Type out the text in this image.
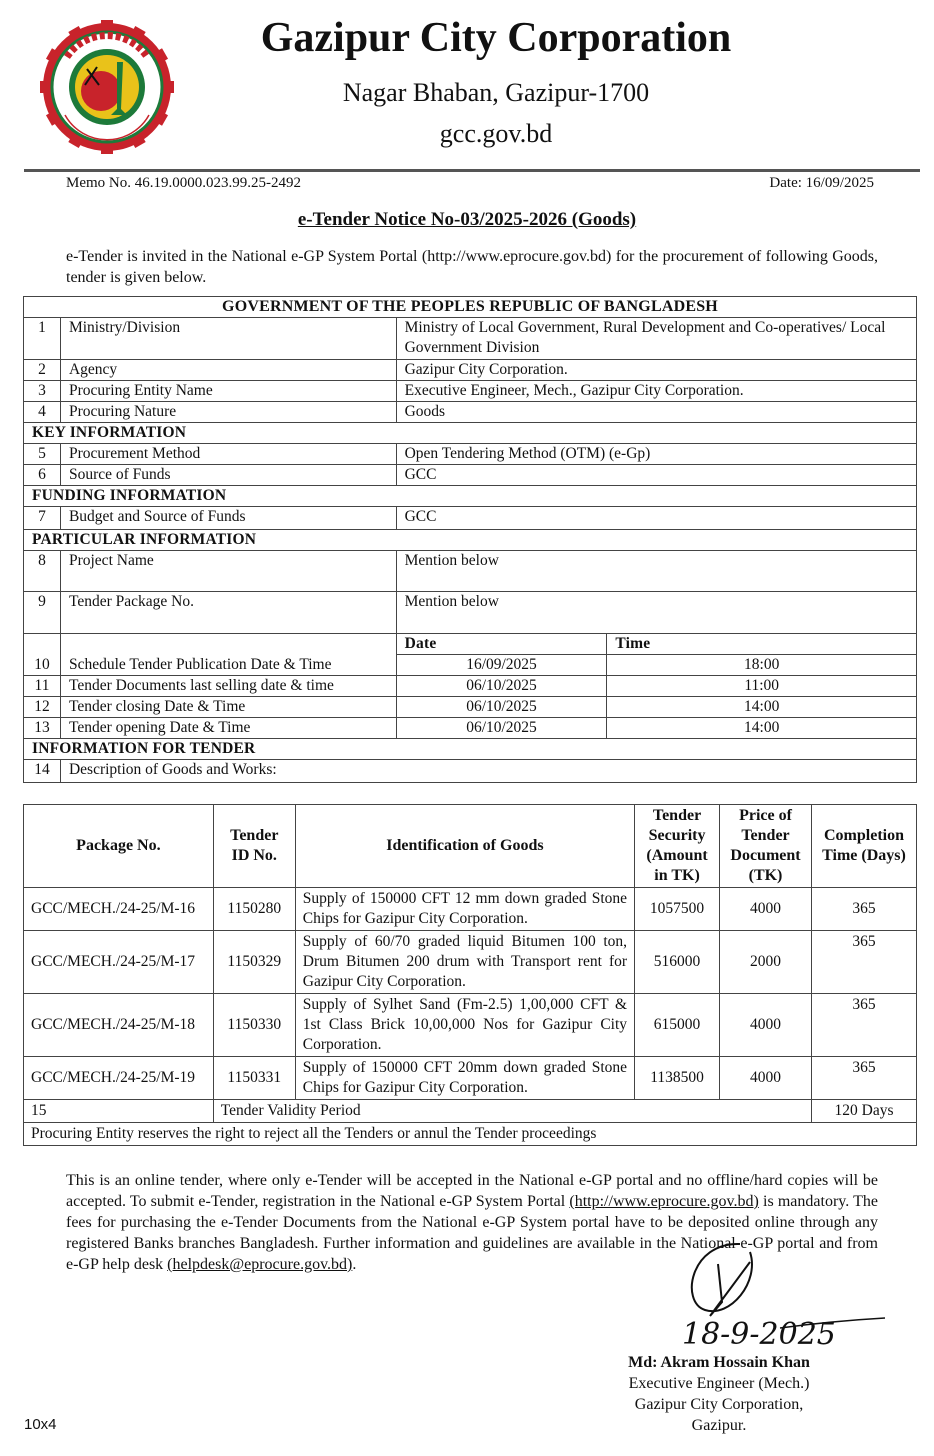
Gazipur City Corporation
Nagar Bhaban, Gazipur-1700
gcc.gov.bd
Memo No. 46.19.0000.023.99.25-2492	Date: 16/09/2025
e-Tender Notice No-03/2025-2026 (Goods)
e-Tender is invited in the National e-GP System Portal (http://www.eprocure.gov.bd) for the procurement of following Goods, tender is given below.
GOVERNMENT OF THE PEOPLES REPUBLIC OF BANGLADESH			
1	Ministry/Division	Ministry of Local Government, Rural Development and Co-operatives/ Local Government Division	
2	Agency	Gazipur City Corporation.	
3	Procuring Entity Name	Executive Engineer, Mech., Gazipur City Corporation.	
4	Procuring Nature	Goods	
KEY INFORMATION			
5	Procurement Method	Open Tendering Method (OTM) (e-Gp)	
6	Source of Funds	GCC	
FUNDING INFORMATION			
7	Budget and Source of Funds	GCC	
PARTICULAR INFORMATION			
8	Project Name	Mention below	
9	Tender Package No.	Mention below	
10	Schedule Tender Publication Date & Time	Date	Time
		16/09/2025	18:00
11	Tender Documents last selling date & time	06/10/2025	11:00
12	Tender closing Date & Time	06/10/2025	14:00
13	Tender opening Date & Time	06/10/2025	14:00
INFORMATION FOR TENDER			
14	Description of Goods and Works:		
Package No.	Tender ID No.	Identification of Goods	Tender Security (Amount in TK)	Price of Tender Document (TK)	Completion Time (Days)
GCC/MECH./24-25/M-16	1150280	Supply of 150000 CFT 12 mm down graded Stone Chips for Gazipur City Corporation.	1057500	4000	365
GCC/MECH./24-25/M-17	1150329	Supply of 60/70 graded liquid Bitumen 100 ton, Drum Bitumen 200 drum with Transport rent for Gazipur City Corporation.	516000	2000	365
GCC/MECH./24-25/M-18	1150330	Supply of Sylhet Sand (Fm-2.5) 1,00,000 CFT & 1st Class Brick 10,00,000 Nos for Gazipur City Corporation.	615000	4000	365
GCC/MECH./24-25/M-19	1150331	Supply of 150000 CFT 20mm down graded Stone Chips for Gazipur City Corporation.	1138500	4000	365
15	Tender Validity Period				120 Days
Procuring Entity reserves the right to reject all the Tenders or annul the Tender proceedings					
This is an online tender, where only e-Tender will be accepted in the National e-GP portal and no offline/hard copies will be accepted. To submit e-Tender, registration in the National e-GP System Portal (http://www.eprocure.gov.bd) is mandatory. The fees for purchasing the e-Tender Documents from the National e-GP System portal have to be deposited online through any registered Banks branches Bangladesh. Further information and guidelines are available in the National e-GP portal and from e-GP help desk (helpdesk@eprocure.gov.bd).
18-9-2025
Md: Akram Hossain Khan
Executive Engineer (Mech.)
Gazipur City Corporation,
Gazipur.
10x4
